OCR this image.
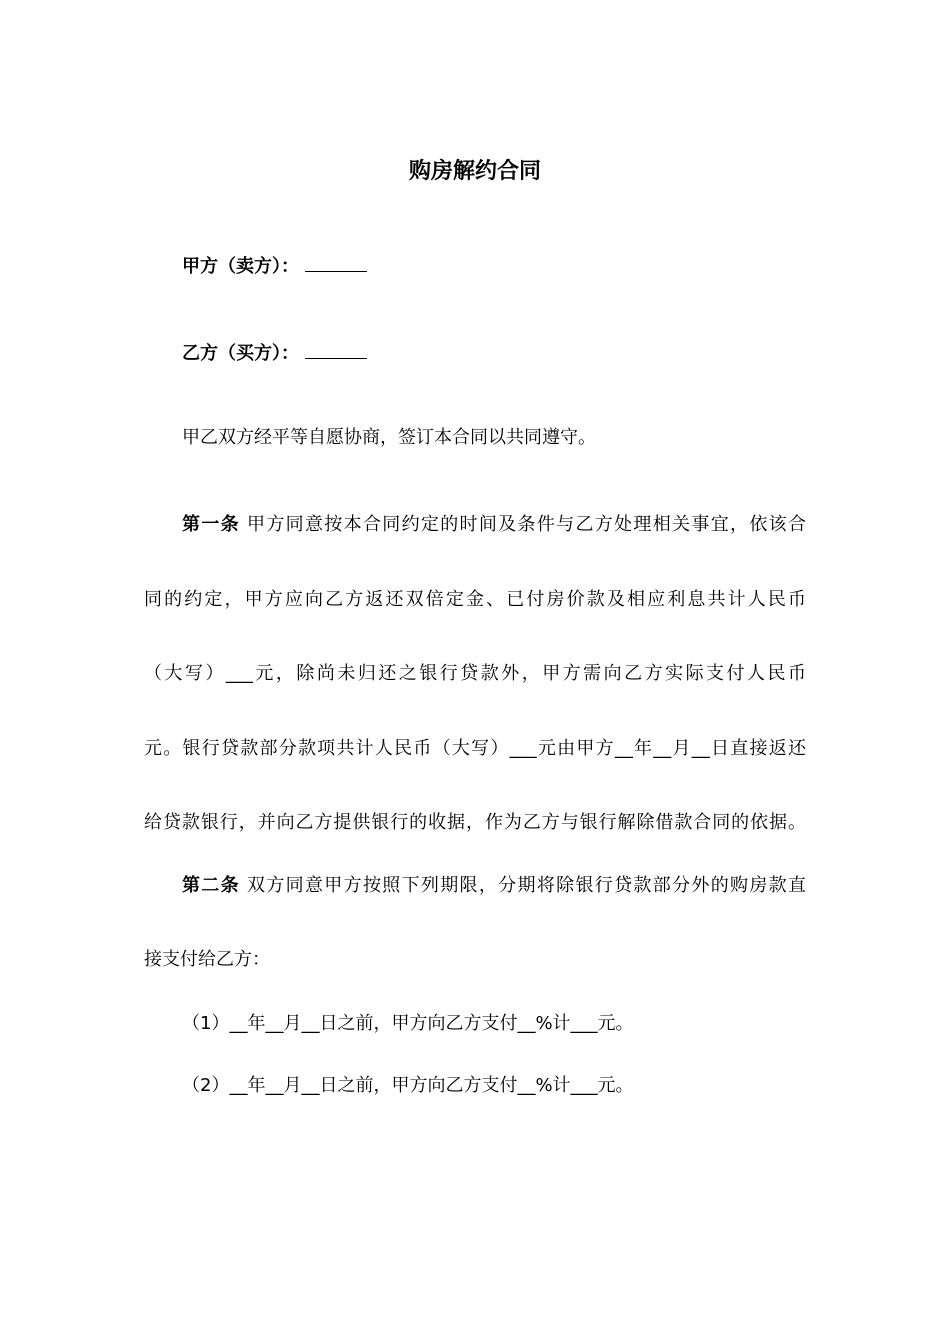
购房解约合同
甲方（卖方）：
乙方（买方）：
甲乙双方经平等自愿协商，签订本合同以共同遵守。
第一条 甲方同意按本合同约定的时间及条件与乙方处理相关事宜，依该合
同的约定，甲方应向乙方返还双倍定金、已付房价款及相应利息共计人民币
（大写）___元，除尚未归还之银行贷款外，甲方需向乙方实际支付人民币
元。银行贷款部分款项共计人民币（大写）___元由甲方__年__月__日直接返还
给贷款银行，并向乙方提供银行的收据，作为乙方与银行解除借款合同的依据。
第二条 双方同意甲方按照下列期限，分期将除银行贷款部分外的购房款直
接支付给乙方：
（1）__年__月__日之前，甲方向乙方支付__%计___元。
（2）__年__月__日之前，甲方向乙方支付__%计___元。
